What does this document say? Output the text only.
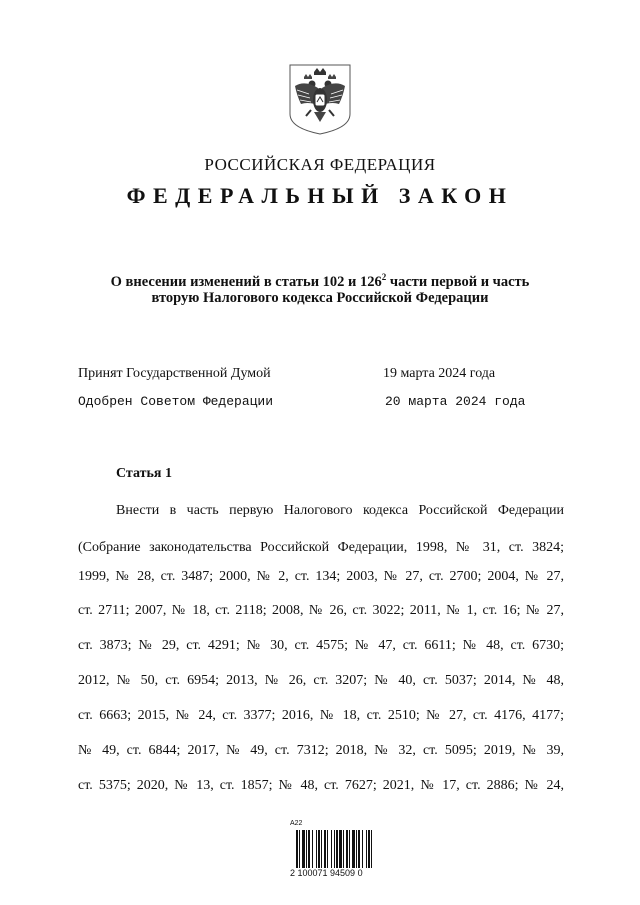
РОССИЙСКАЯ ФЕДЕРАЦИЯ
ФЕДЕРАЛЬНЫЙ ЗАКОН
О внесении изменений в статьи 102 и $126^2$ части первой и часть
вторую Налогового кодекса Российской Федерации
Принят Государственной Думой	19 марта 2024 года
Одобрен Советом Федерации	20 марта 2024 года
Статья 1
Внести в часть первую Налогового кодекса Российской Федерации
(Собрание законодательства Российской Федерации, 1998, № 31, ст. 3824;
1999, № 28, ст. 3487; 2000, № 2, ст. 134; 2003, № 27, ст. 2700; 2004, № 27,
ст. 2711; 2007, № 18, ст. 2118; 2008, № 26, ст. 3022; 2011, № 1, ст. 16; № 27,
ст. 3873; № 29, ст. 4291; № 30, ст. 4575; № 47, ст. 6611; № 48, ст. 6730;
2012, № 50, ст. 6954; 2013, № 26, ст. 3207; № 40, ст. 5037; 2014, № 48,
ст. 6663; 2015, № 24, ст. 3377; 2016, № 18, ст. 2510; № 27, ст. 4176, 4177;
№ 49, ст. 6844; 2017, № 49, ст. 7312; 2018, № 32, ст. 5095; 2019, № 39,
ст. 5375; 2020, № 13, ст. 1857; № 48, ст. 7627; 2021, № 17, ст. 2886; № 24,
A22
2 100071 94509 0
